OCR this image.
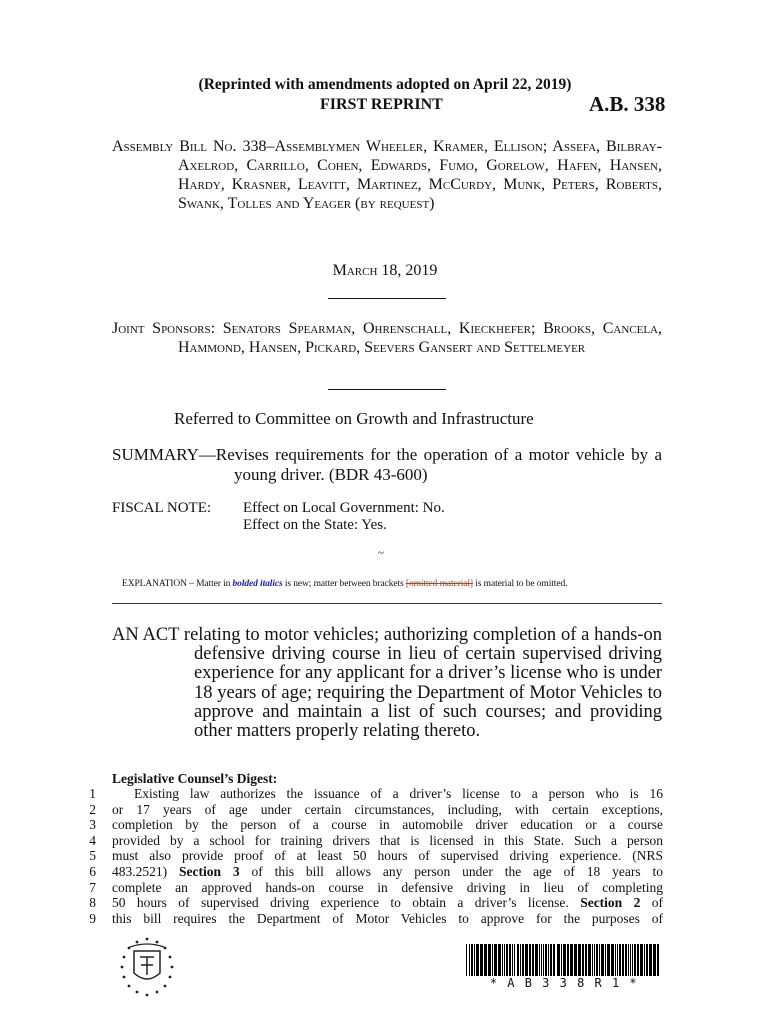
(Reprinted with amendments adopted on April 22, 2019)
FIRST REPRINT	A.B. 338
Assembly Bill No. 338–Assemblymen Wheeler, Kramer, Ellison; Assefa, Bilbray-Axelrod, Carrillo, Cohen, Edwards, Fumo, Gorelow, Hafen, Hansen, Hardy, Krasner, Leavitt, Martinez, McCurdy, Munk, Peters, Roberts, Swank, Tolles and Yeager (by request)
March 18, 2019
Joint Sponsors: Senators Spearman, Ohrenschall, Kieckhefer; Brooks, Cancela, Hammond, Hansen, Pickard, Seevers Gansert and Settelmeyer
Referred to Committee on Growth and Infrastructure
SUMMARY—Revises requirements for the operation of a motor vehicle by a young driver. (BDR 43-600)
FISCAL NOTE:	Effect on Local Government: No.
Effect on the State: Yes.
~
EXPLANATION – Matter in bolded italics is new; matter between brackets [omitted material] is material to be omitted.
AN ACT relating to motor vehicles; authorizing completion of a hands-on defensive driving course in lieu of certain supervised driving experience for any applicant for a driver’s license who is under 18 years of age; requiring the Department of Motor Vehicles to approve and maintain a list of such courses; and providing other matters properly relating thereto.
Legislative Counsel’s Digest:
1
2
3
4
5
6
7
8
9
Existing law authorizes the issuance of a driver’s license to a person who is 16
or 17 years of age under certain circumstances, including, with certain exceptions,
completion by the person of a course in automobile driver education or a course
provided by a school for training drivers that is licensed in this State. Such a person
must also provide proof of at least 50 hours of supervised driving experience. (NRS
483.2521) Section 3 of this bill allows any person under the age of 18 years to
complete an approved hands-on course in defensive driving in lieu of completing
50 hours of supervised driving experience to obtain a driver’s license. Section 2 of
this bill requires the Department of Motor Vehicles to approve for the purposes of
* A B 3 3 8 R 1 *
